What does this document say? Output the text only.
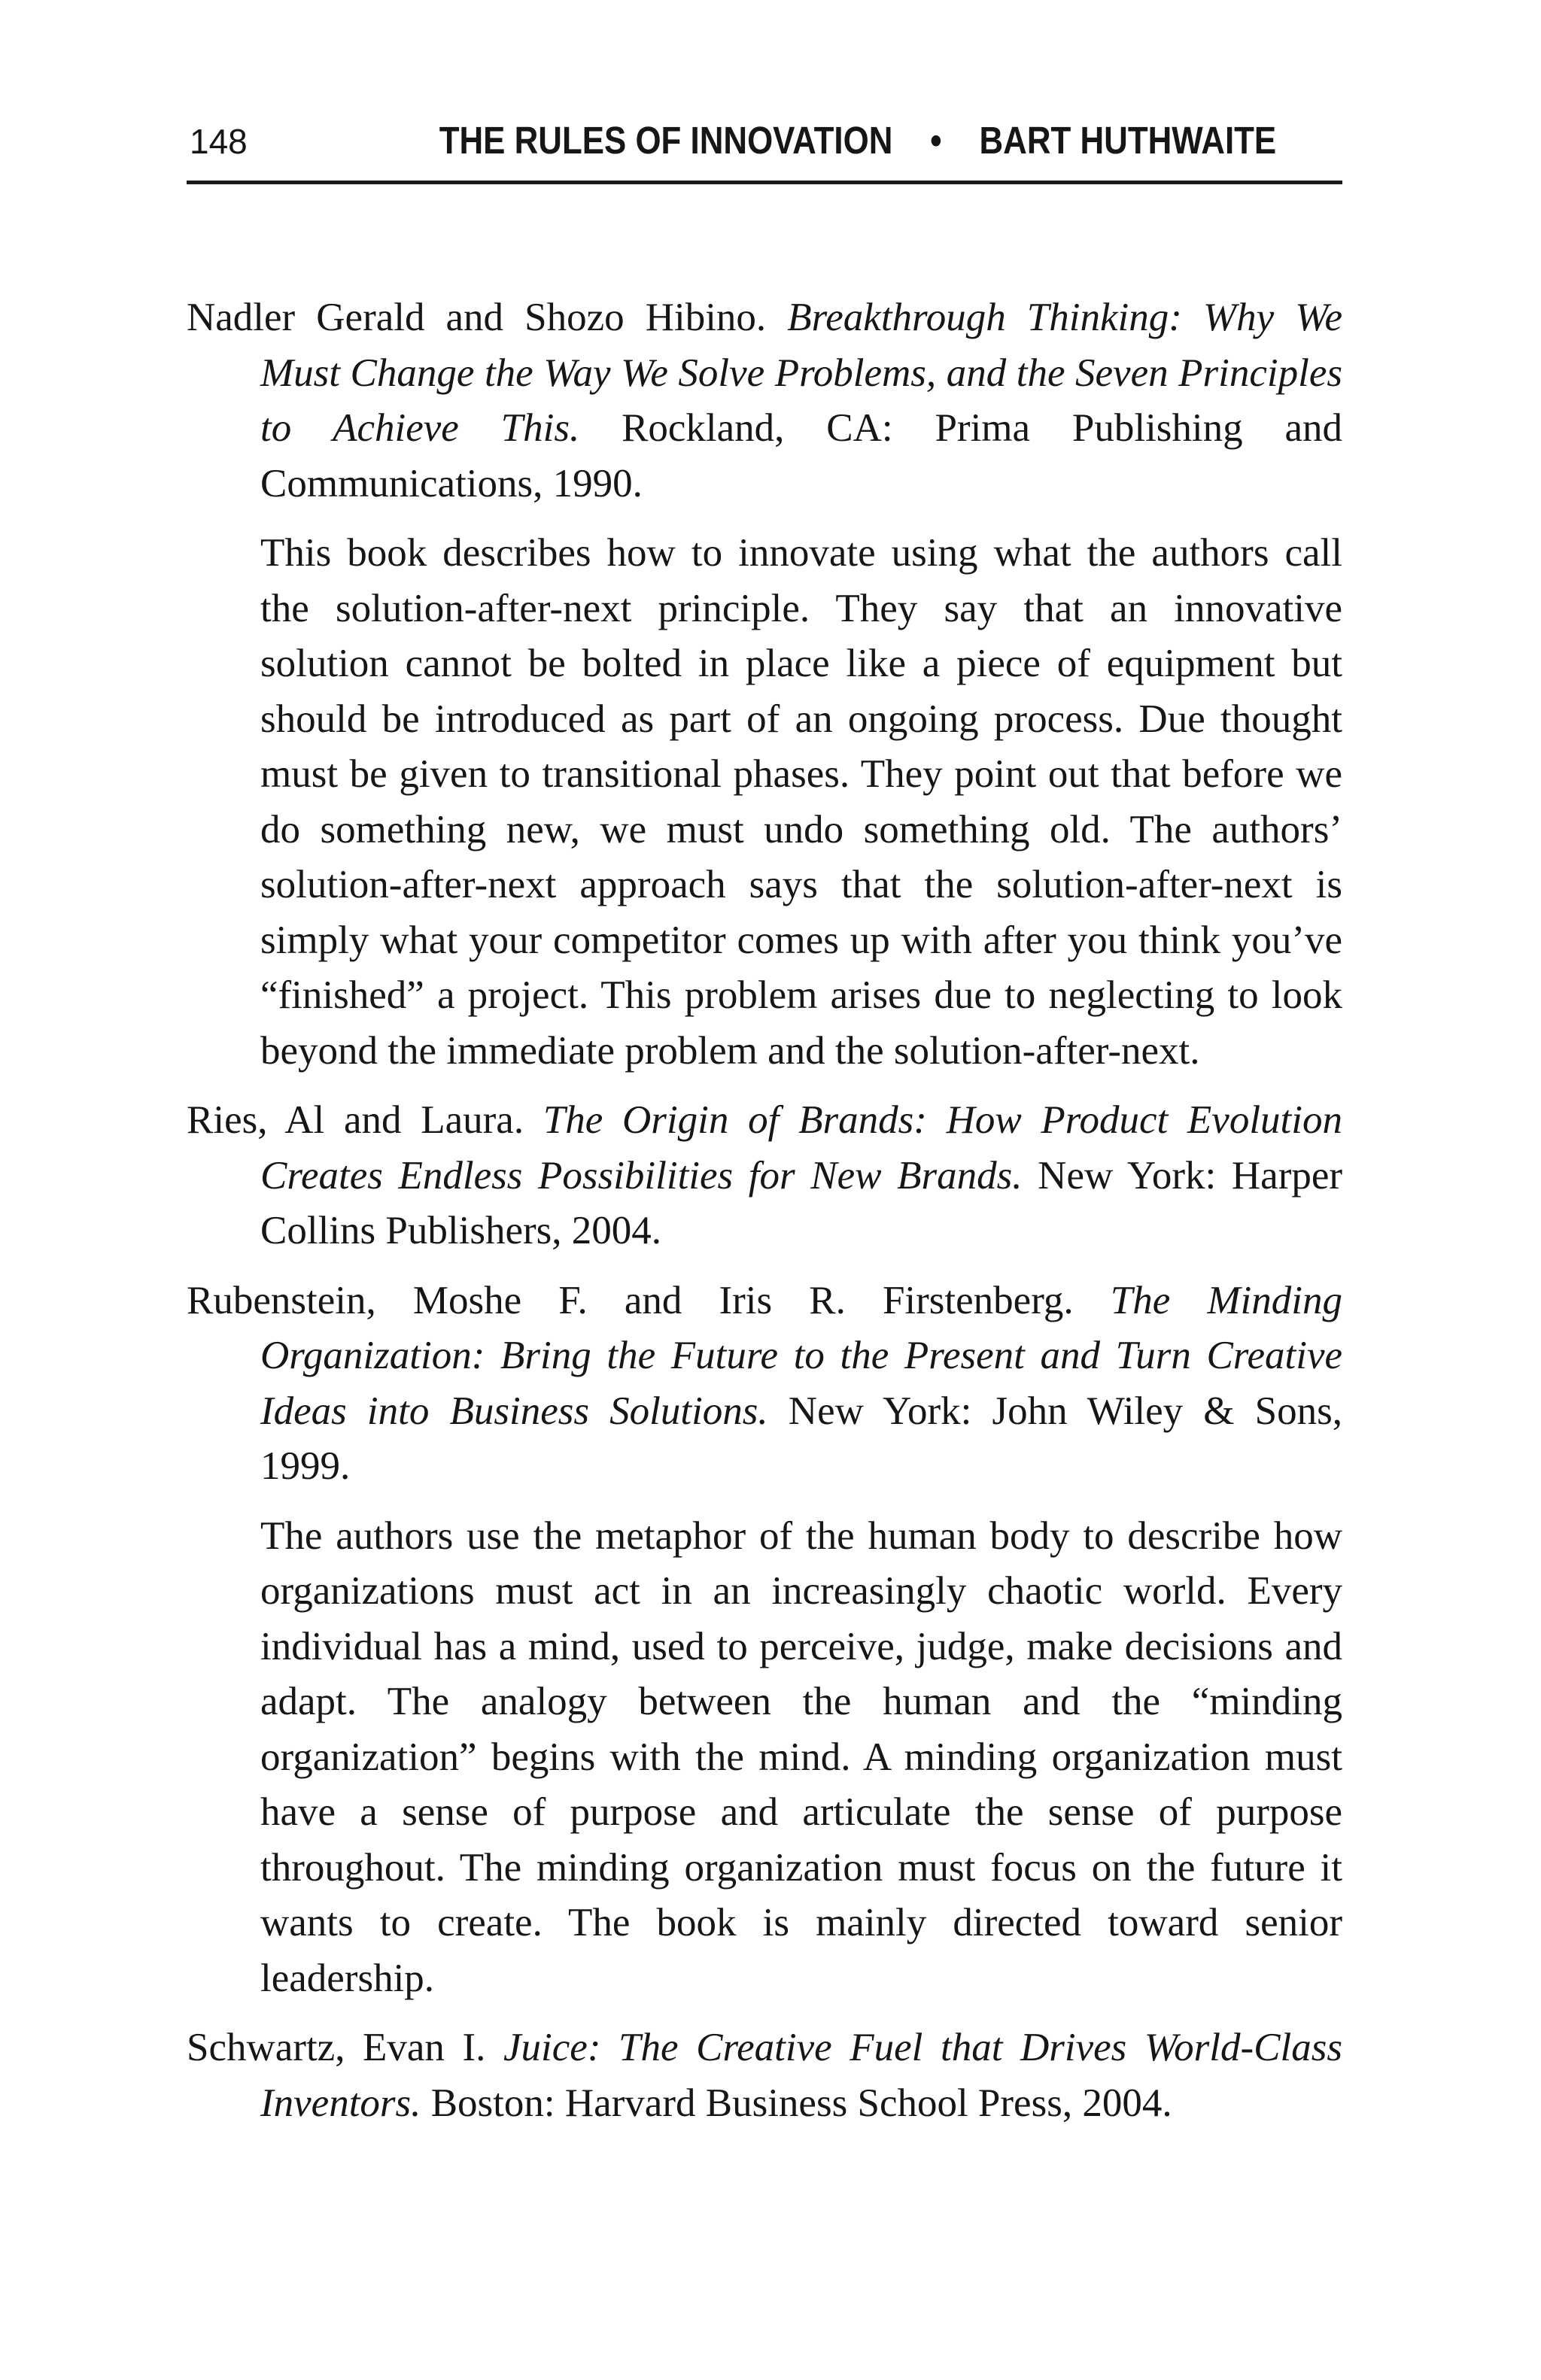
148	THE RULES OF INNOVATION • BART HUTHWAITE

Nadler Gerald and Shozo Hibino. Breakthrough Thinking: Why We Must Change the Way We Solve Problems, and the Seven Principles to Achieve This. Rockland, CA: Prima Publishing and Communications, 1990.

This book describes how to innovate using what the authors call the solution-after-next principle. They say that an innovative solution cannot be bolted in place like a piece of equipment but should be introduced as part of an ongoing process. Due thought must be given to transitional phases. They point out that before we do something new, we must undo something old. The authors’ solution-after-next approach says that the solution-after-next is simply what your competitor comes up with after you think you’ve “finished” a project. This problem arises due to neglecting to look beyond the immediate problem and the solution-after-next.

Ries, Al and Laura. The Origin of Brands: How Product Evolution Creates Endless Possibilities for New Brands. New York: Harper Collins Publishers, 2004.

Rubenstein, Moshe F. and Iris R. Firstenberg. The Minding Organization: Bring the Future to the Present and Turn Creative Ideas into Business Solutions. New York: John Wiley & Sons, 1999.

The authors use the metaphor of the human body to describe how organizations must act in an increasingly chaotic world. Every individual has a mind, used to perceive, judge, make decisions and adapt. The analogy between the human and the “minding organization” begins with the mind. A minding organization must have a sense of purpose and articulate the sense of purpose throughout. The minding organization must focus on the future it wants to create. The book is mainly directed toward senior leadership.

Schwartz, Evan I. Juice: The Creative Fuel that Drives World-Class Inventors. Boston: Harvard Business School Press, 2004.
